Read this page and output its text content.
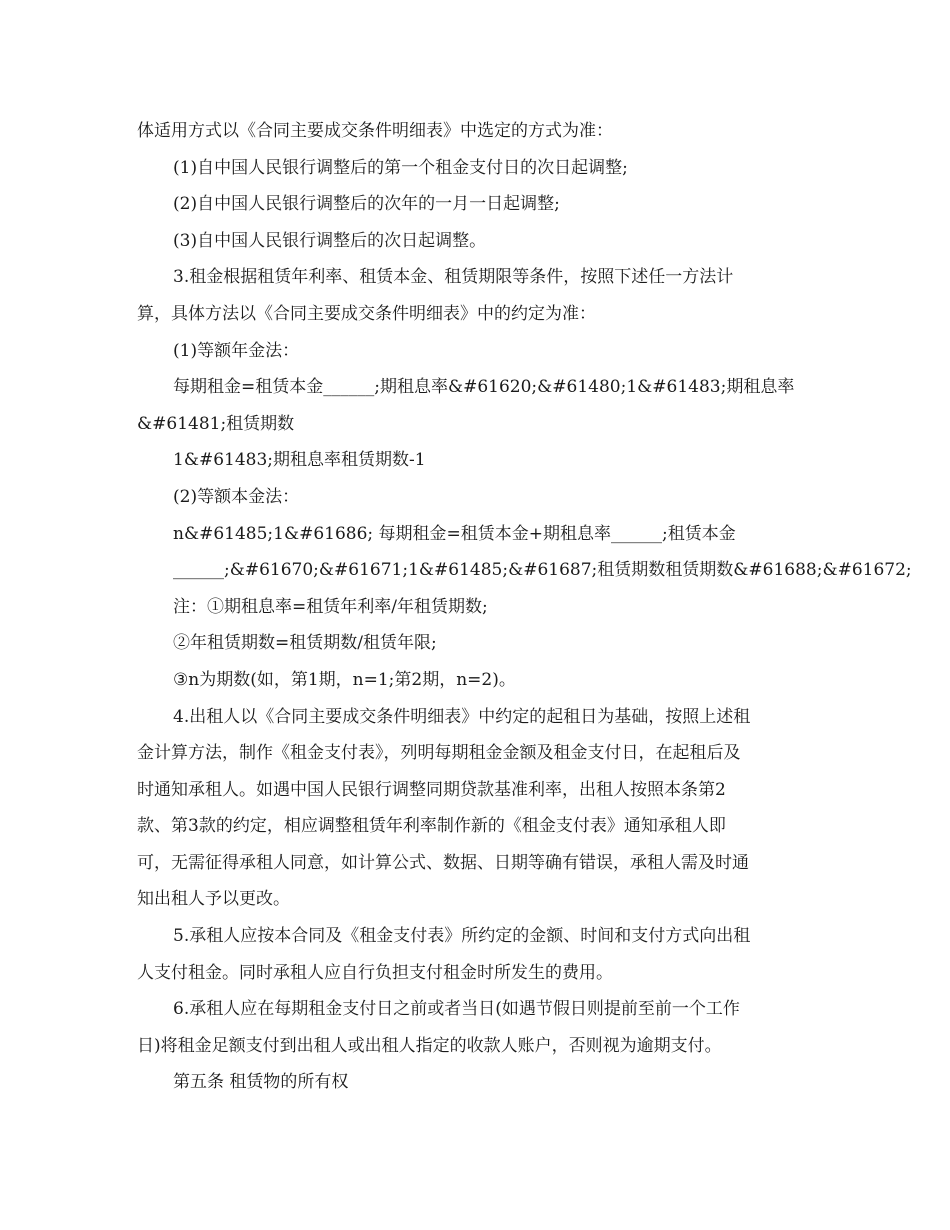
体适用方式以《合同主要成交条件明细表》中选定的方式为准：
(1)自中国人民银行调整后的第一个租金支付日的次日起调整;
(2)自中国人民银行调整后的次年的一月一日起调整;
(3)自中国人民银行调整后的次日起调整。
3.租金根据租赁年利率、租赁本金、租赁期限等条件，按照下述任一方法计
算，具体方法以《合同主要成交条件明细表》中的约定为准：
(1)等额年金法：
每期租金=租赁本金______;期租息率&#61620;&#61480;1&#61483;期租息率
&#61481;租赁期数
1&#61483;期租息率租赁期数-1
(2)等额本金法：
n&#61485;1&#61686; 每期租金=租赁本金+期租息率______;租赁本金
______;&#61670;&#61671;1&#61485;&#61687;租赁期数租赁期数&#61688;&#61672;
注：①期租息率=租赁年利率/年租赁期数;
②年租赁期数=租赁期数/租赁年限;
③n为期数(如，第1期，n=1;第2期，n=2)。
4.出租人以《合同主要成交条件明细表》中约定的起租日为基础，按照上述租
金计算方法，制作《租金支付表》，列明每期租金金额及租金支付日，在起租后及
时通知承租人。如遇中国人民银行调整同期贷款基准利率，出租人按照本条第2
款、第3款的约定，相应调整租赁年利率制作新的《租金支付表》通知承租人即
可，无需征得承租人同意，如计算公式、数据、日期等确有错误，承租人需及时通
知出租人予以更改。
5.承租人应按本合同及《租金支付表》所约定的金额、时间和支付方式向出租
人支付租金。同时承租人应自行负担支付租金时所发生的费用。
6.承租人应在每期租金支付日之前或者当日(如遇节假日则提前至前一个工作
日)将租金足额支付到出租人或出租人指定的收款人账户，否则视为逾期支付。
第五条 租赁物的所有权
